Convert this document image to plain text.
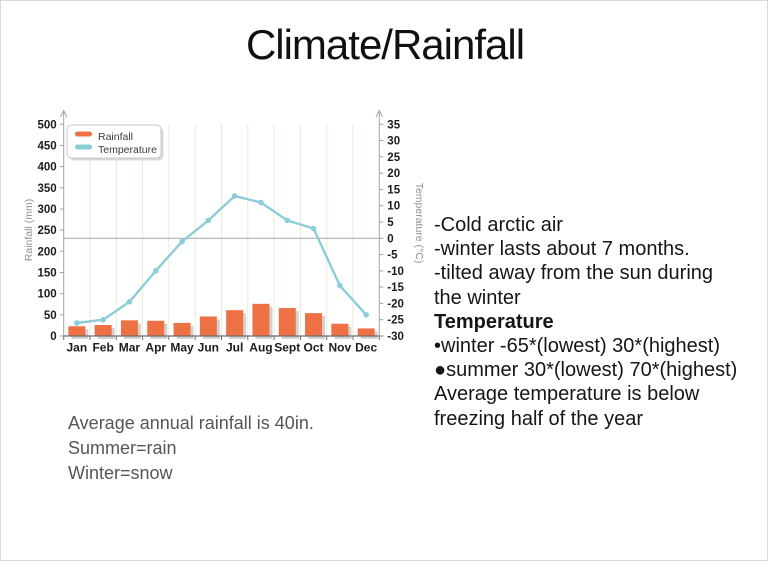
Climate/Rainfall
0
50
100
150
200
250
300
350
400
450
500
-30
-25
-20
-15
-10
-5
0
5
10
15
20
25
30
35
Jan Feb Mar Apr May Jun Jul Aug Sept Oct Nov Dec
Rainfall (mm)	Temperature (°C)
Rainfall
Temperature
-Cold arctic air
-winter lasts about 7 months.
-tilted away from the sun during
the winter
Temperature
•winter -65*(lowest) 30*(highest)
●summer 30*(lowest) 70*(highest)
Average temperature is below
freezing half of the year
Average annual rainfall is 40in.
Summer=rain
Winter=snow
